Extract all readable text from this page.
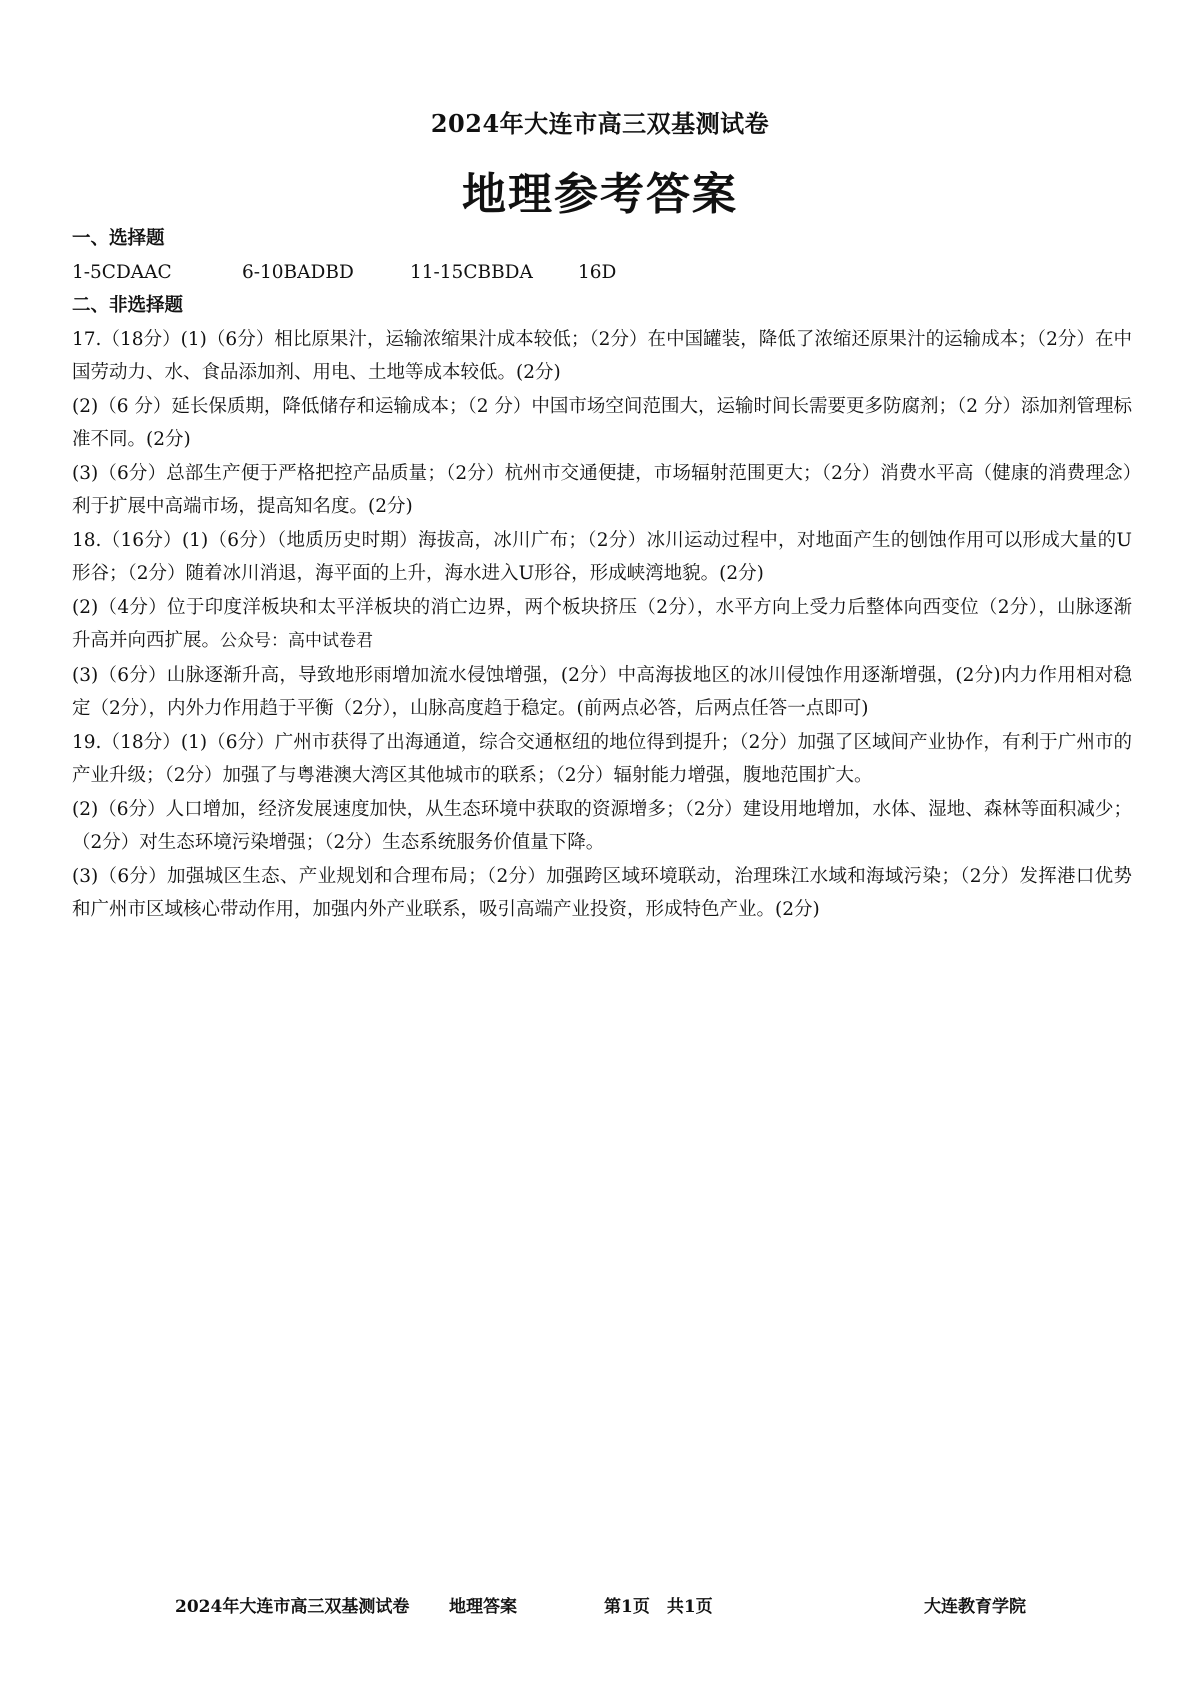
2024年大连市高三双基测试卷
地理参考答案

一、选择题

1-5CDAAC	6-10BADBD	11-15CBBDA	16D

二、非选择题

17.（18分）(1)（6分）相比原果汁，运输浓缩果汁成本较低；（2分）在中国罐装，降低了浓缩还原果汁的运输成本；（2分）在中国劳动力、水、食品添加剂、用电、土地等成本较低。(2分)

(2)（6 分）延长保质期，降低储存和运输成本；（2 分）中国市场空间范围大，运输时间长需要更多防腐剂；（2 分）添加剂管理标准不同。(2分)

(3)（6分）总部生产便于严格把控产品质量；（2分）杭州市交通便捷，市场辐射范围更大；（2分）消费水平高（健康的消费理念）利于扩展中高端市场，提高知名度。(2分)

18.（16分）(1)（6分）（地质历史时期）海拔高，冰川广布；（2分）冰川运动过程中，对地面产生的刨蚀作用可以形成大量的U形谷；（2分）随着冰川消退，海平面的上升，海水进入U形谷，形成峡湾地貌。(2分)

(2)（4分）位于印度洋板块和太平洋板块的消亡边界，两个板块挤压（2分），水平方向上受力后整体向西变位（2分），山脉逐渐升高并向西扩展。公众号：高中试卷君

(3)（6分）山脉逐渐升高，导致地形雨增加流水侵蚀增强，(2分）中高海拔地区的冰川侵蚀作用逐渐增强，(2分)内力作用相对稳定（2分），内外力作用趋于平衡（2分），山脉高度趋于稳定。(前两点必答，后两点任答一点即可)

19.（18分）(1)（6分）广州市获得了出海通道，综合交通枢纽的地位得到提升；（2分）加强了区域间产业协作，有利于广州市的产业升级；（2分）加强了与粤港澳大湾区其他城市的联系；（2分）辐射能力增强，腹地范围扩大。

(2)（6分）人口增加，经济发展速度加快，从生态环境中获取的资源增多；（2分）建设用地增加，水体、湿地、森林等面积减少；（2分）对生态环境污染增强；（2分）生态系统服务价值量下降。

(3)（6分）加强城区生态、产业规划和合理布局；（2分）加强跨区域环境联动，治理珠江水域和海域污染；（2分）发挥港口优势和广州市区域核心带动作用，加强内外产业联系，吸引高端产业投资，形成特色产业。(2分)

2024年大连市高三双基测试卷 地理答案	第1页　共1页	大连教育学院
